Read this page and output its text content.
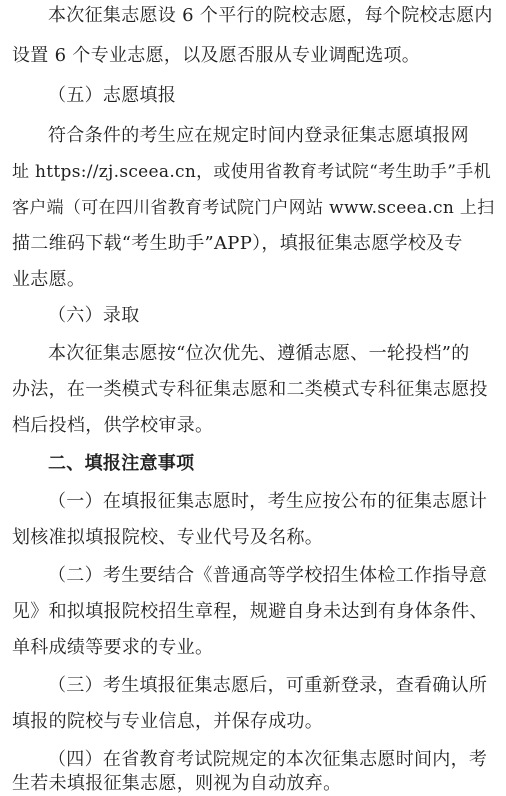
本次征集志愿设 6 个平行的院校志愿，每个院校志愿内
设置 6 个专业志愿，以及愿否服从专业调配选项。
（五）志愿填报
符合条件的考生应在规定时间内登录征集志愿填报网
址 https://zj.sceea.cn，或使用省教育考试院“考生助手”手机
客户端（可在四川省教育考试院门户网站 www.sceea.cn 上扫
描二维码下载“考生助手”APP），填报征集志愿学校及专
业志愿。
（六）录取
本次征集志愿按“位次优先、遵循志愿、一轮投档”的
办法，在一类模式专科征集志愿和二类模式专科征集志愿投
档后投档，供学校审录。
二、填报注意事项
（一）在填报征集志愿时，考生应按公布的征集志愿计
划核准拟填报院校、专业代号及名称。
（二）考生要结合《普通高等学校招生体检工作指导意
见》和拟填报院校招生章程，规避自身未达到有身体条件、
单科成绩等要求的专业。
（三）考生填报征集志愿后，可重新登录，查看确认所
填报的院校与专业信息，并保存成功。
（四）在省教育考试院规定的本次征集志愿时间内，考
生若未填报征集志愿，则视为自动放弃。
